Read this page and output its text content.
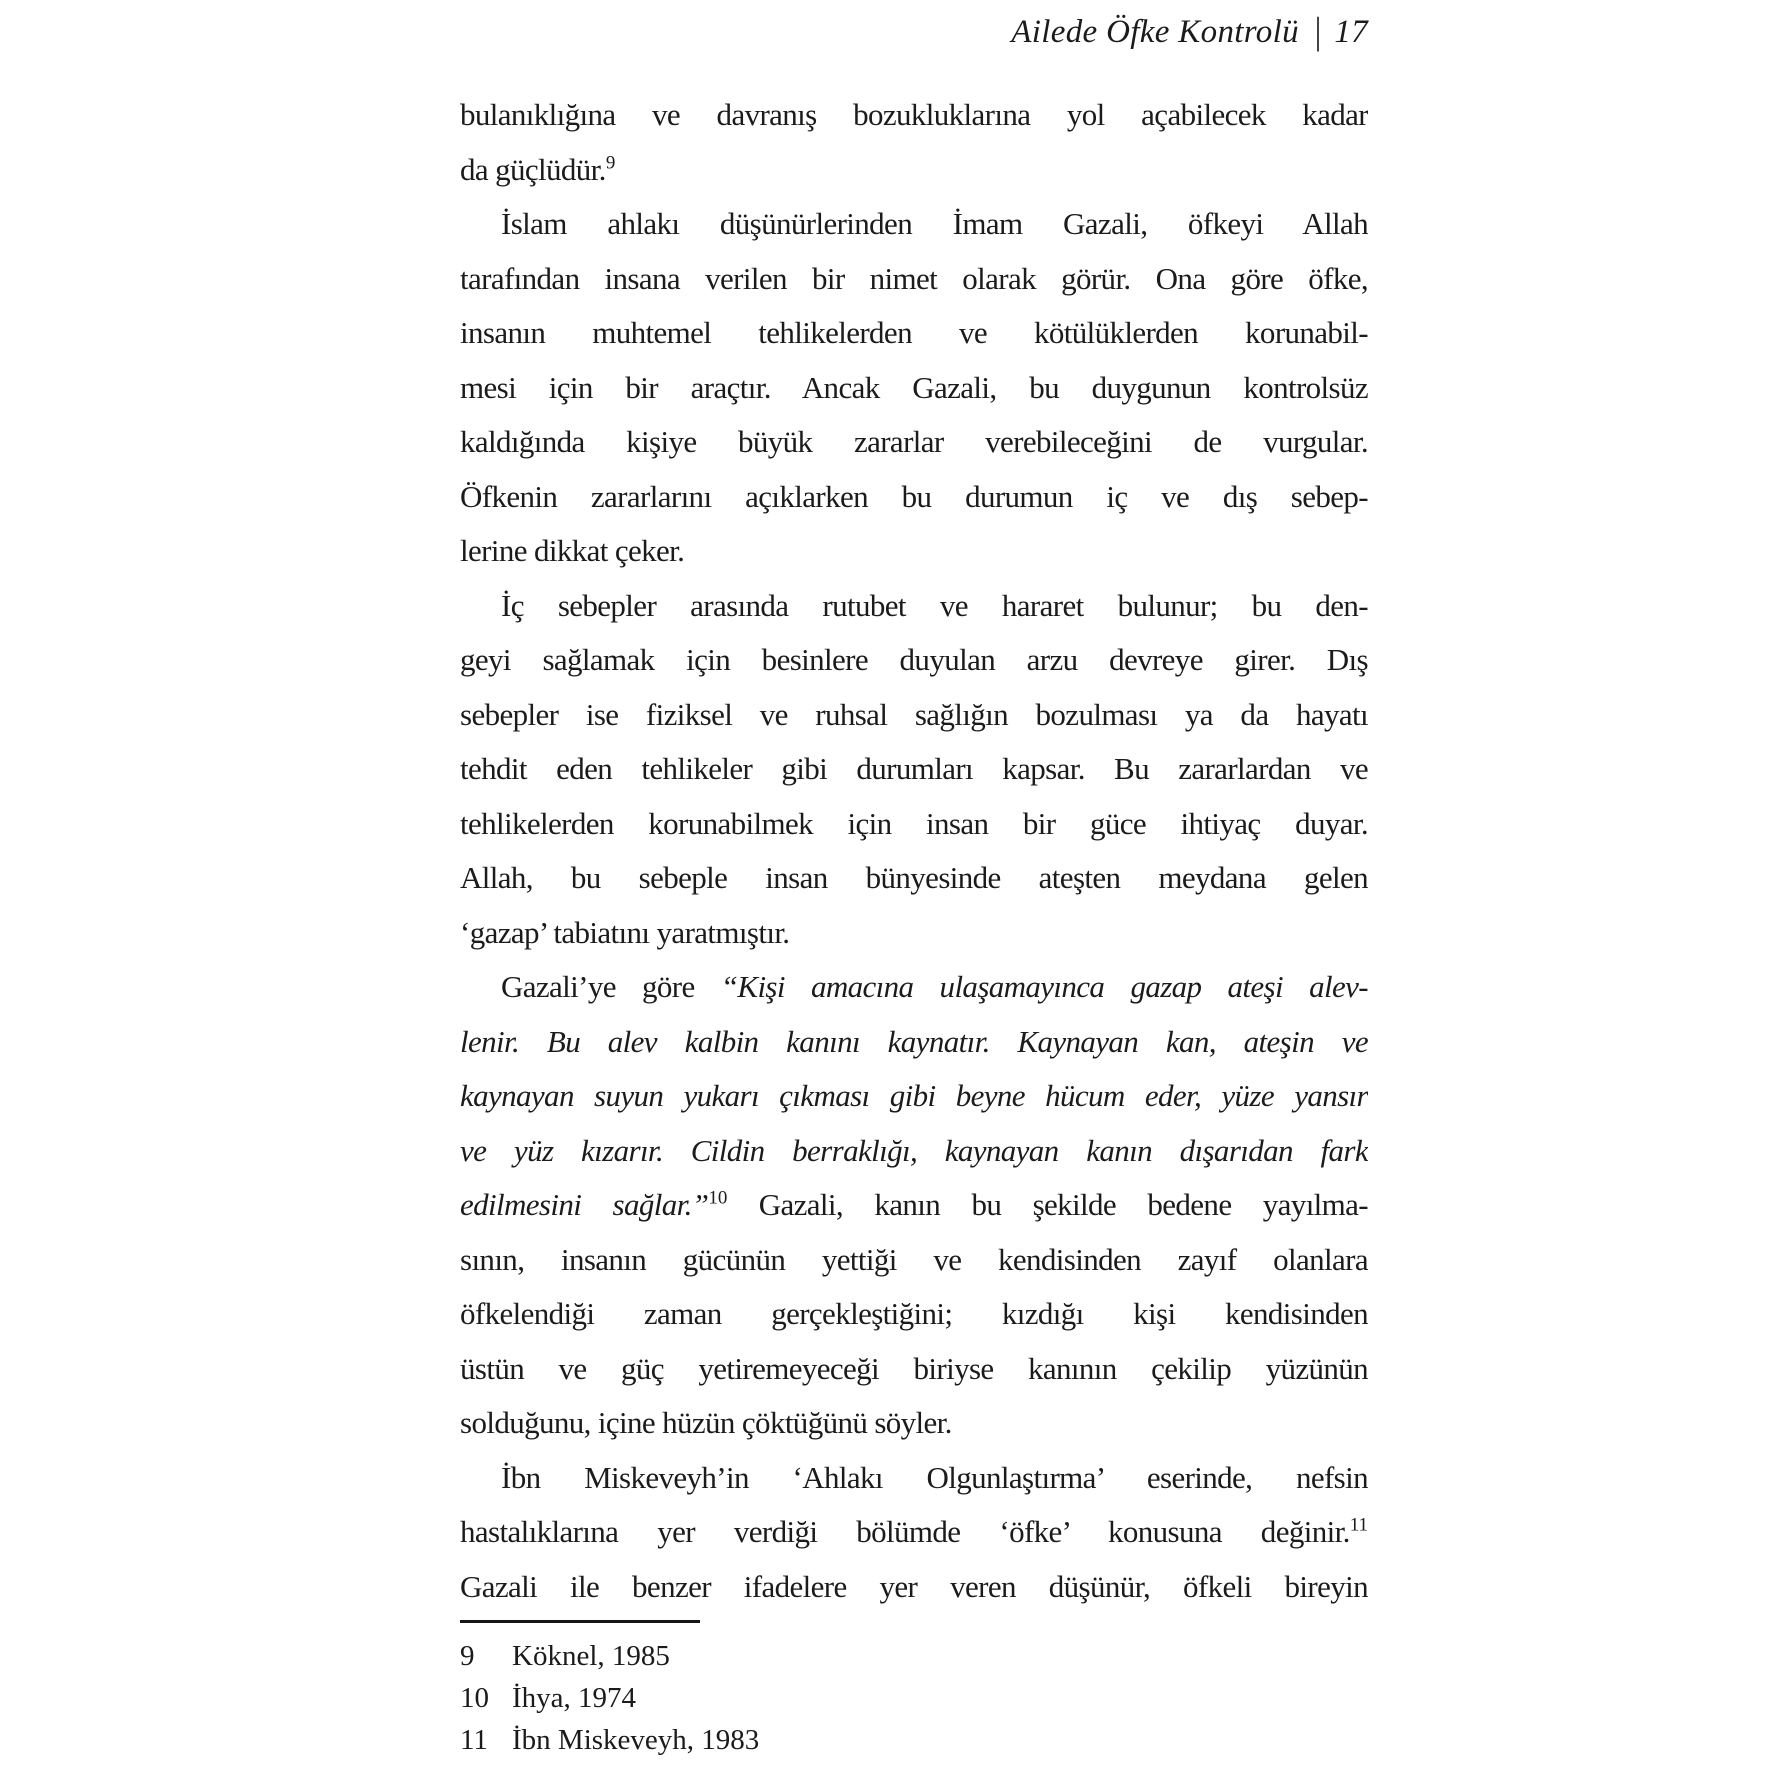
Ailede Öfke Kontrolü | 17
bulanıklığına ve davranış bozukluklarına yol açabilecek kadar
da güçlüdür.$^9$
İslam ahlakı düşünürlerinden İmam Gazali, öfkeyi Allah
tarafından insana verilen bir nimet olarak görür. Ona göre öfke,
insanın muhtemel tehlikelerden ve kötülüklerden korunabil-
mesi için bir araçtır. Ancak Gazali, bu duygunun kontrolsüz
kaldığında kişiye büyük zararlar verebileceğini de vurgular.
Öfkenin zararlarını açıklarken bu durumun iç ve dış sebep-
lerine dikkat çeker.
İç sebepler arasında rutubet ve hararet bulunur; bu den-
geyi sağlamak için besinlere duyulan arzu devreye girer. Dış
sebepler ise fiziksel ve ruhsal sağlığın bozulması ya da hayatı
tehdit eden tehlikeler gibi durumları kapsar. Bu zararlardan ve
tehlikelerden korunabilmek için insan bir güce ihtiyaç duyar.
Allah, bu sebeple insan bünyesinde ateşten meydana gelen
‘gazap’ tabiatını yaratmıştır.
Gazali’ye göre “Kişi amacına ulaşamayınca gazap ateşi alev-
lenir. Bu alev kalbin kanını kaynatır. Kaynayan kan, ateşin ve
kaynayan suyun yukarı çıkması gibi beyne hücum eder, yüze yansır
ve yüz kızarır. Cildin berraklığı, kaynayan kanın dışarıdan fark
edilmesini sağlar.”$^{10}$ Gazali, kanın bu şekilde bedene yayılma-
sının, insanın gücünün yettiği ve kendisinden zayıf olanlara
öfkelendiği zaman gerçekleştiğini; kızdığı kişi kendisinden
üstün ve güç yetiremeyeceği biriyse kanının çekilip yüzünün
solduğunu, içine hüzün çöktüğünü söyler.
İbn Miskeveyh’in ‘Ahlakı Olgunlaştırma’ eserinde, nefsin
hastalıklarına yer verdiği bölümde ‘öfke’ konusuna değinir.$^{11}$
Gazali ile benzer ifadelere yer veren düşünür, öfkeli bireyin
9	Köknel, 1985
10 İhya, 1974
11 İbn Miskeveyh, 1983
